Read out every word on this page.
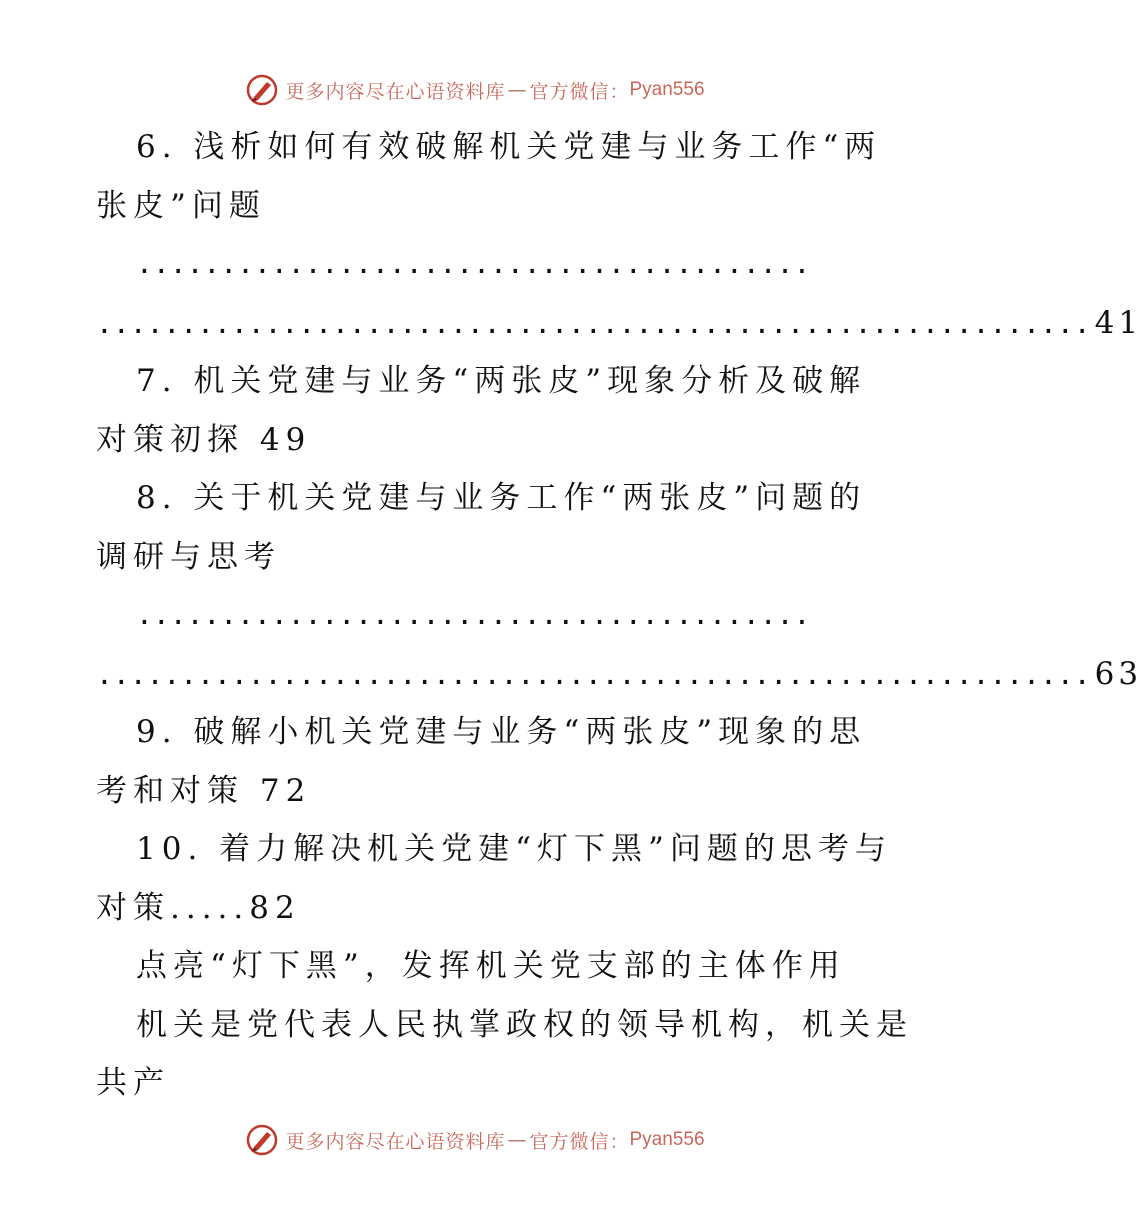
更多内容尽在心语资料库 — 官方微信： Pyan556
6. 浅析如何有效破解机关党建与业务工作“两
张皮”问题
........................................
........................................................... 41
7. 机关党建与业务“两张皮”现象分析及破解
对策初探 49
8. 关于机关党建与业务工作“两张皮”问题的
调研与思考
........................................
........................................................... 63
9. 破解小机关党建与业务“两张皮”现象的思
考和对策 72
10. 着力解决机关党建“灯下黑”问题的思考与
对策.....82
点亮“灯下黑”，发挥机关党支部的主体作用
机关是党代表人民执掌政权的领导机构，机关是
共产
更多内容尽在心语资料库 — 官方微信： Pyan556
